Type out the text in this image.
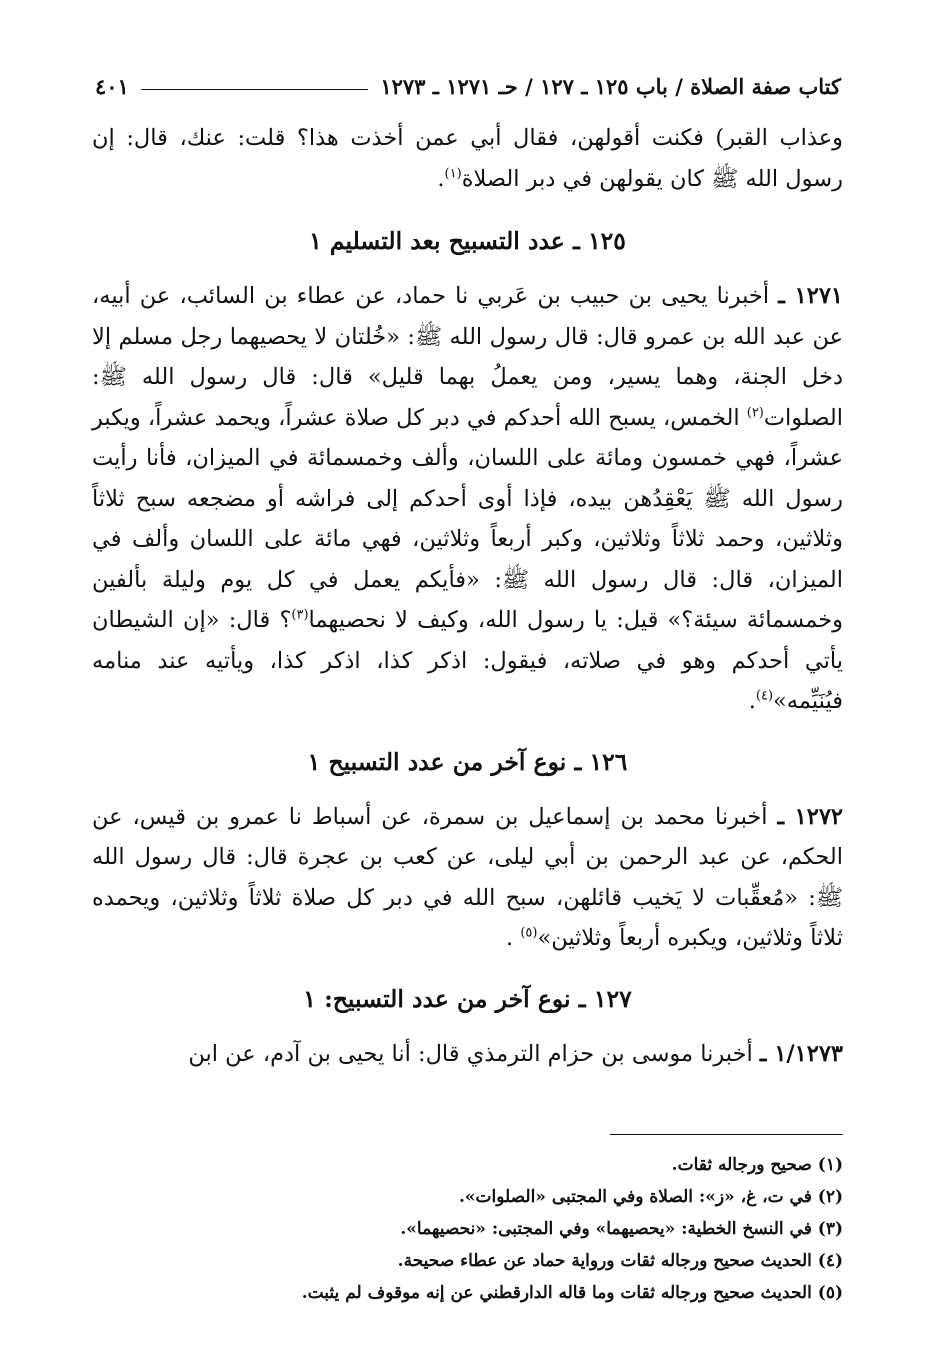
كتاب صفة الصلاة / باب ١٢٥ ـ ١٢٧ / حـ ١٢٧١ ـ ١٢٧٣
٤٠١

وعذاب القبر) فكنت أقولهن، فقال أبي عمن أخذت هذا؟ قلت: عنك، قال: إن رسول الله ﷺ كان يقولهن في دبر الصلاة$^{(١)}$.

١٢٥ ـ عدد التسبيح بعد التسليم ١

١٢٧١ ـ أخبرنا يحيى بن حبيب بن عَربي نا حماد، عن عطاء بن السائب، عن أبيه، عن عبد الله بن عمرو قال: قال رسول الله ﷺ: «خُلتان لا يحصيهما رجل مسلم إلا دخل الجنة، وهما يسير، ومن يعملُ بهما قليل» قال: قال رسول الله ﷺ: الصلوات$^{(٢)}$ الخمس، يسبح الله أحدكم في دبر كل صلاة عشراً، ويحمد عشراً، ويكبر عشراً، فهي خمسون ومائة على اللسان، وألف وخمسمائة في الميزان، فأنا رأيت رسول الله ﷺ يَعْقِدُهن بيده، فإذا أوى أحدكم إلى فراشه أو مضجعه سبح ثلاثاً وثلاثين، وحمد ثلاثاً وثلاثين، وكبر أربعاً وثلاثين، فهي مائة على اللسان وألف في الميزان، قال: قال رسول الله ﷺ: «فأيكم يعمل في كل يوم وليلة بألفين وخمسمائة سيئة؟» قيل: يا رسول الله، وكيف لا نحصيهما$^{(٣)}$؟ قال: «إن الشيطان يأتي أحدكم وهو في صلاته، فيقول: اذكر كذا، اذكر كذا، ويأتيه عند منامه فيُنَيِّمه»$^{(٤)}$.

١٢٦ ـ نوع آخر من عدد التسبيح ١

١٢٧٢ ـ أخبرنا محمد بن إسماعيل بن سمرة، عن أسباط نا عمرو بن قيس، عن الحكم، عن عبد الرحمن بن أبي ليلى، عن كعب بن عجرة قال: قال رسول الله ﷺ: «مُعقِّبات لا يَخيب قائلهن، سبح الله في دبر كل صلاة ثلاثاً وثلاثين، ويحمده ثلاثاً وثلاثين، ويكبره أربعاً وثلاثين»$^{(٥)}$ .

١٢٧ ـ نوع آخر من عدد التسبيح: ١

١/١٢٧٣ ـ أخبرنا موسى بن حزام الترمذي قال: أنا يحيى بن آدم، عن ابن

(١) صحيح ورجاله ثقات.

(٢) في ت، غ، «ز»: الصلاة وفي المجتبى «الصلوات».

(٣) في النسخ الخطية: «يحصيهما» وفي المجتبى: «نحصيهما».

(٤) الحديث صحيح ورجاله ثقات ورواية حماد عن عطاء صحيحة.

(٥) الحديث صحيح ورجاله ثقات وما قاله الدارقطني عن إنه موقوف لم يثبت.
